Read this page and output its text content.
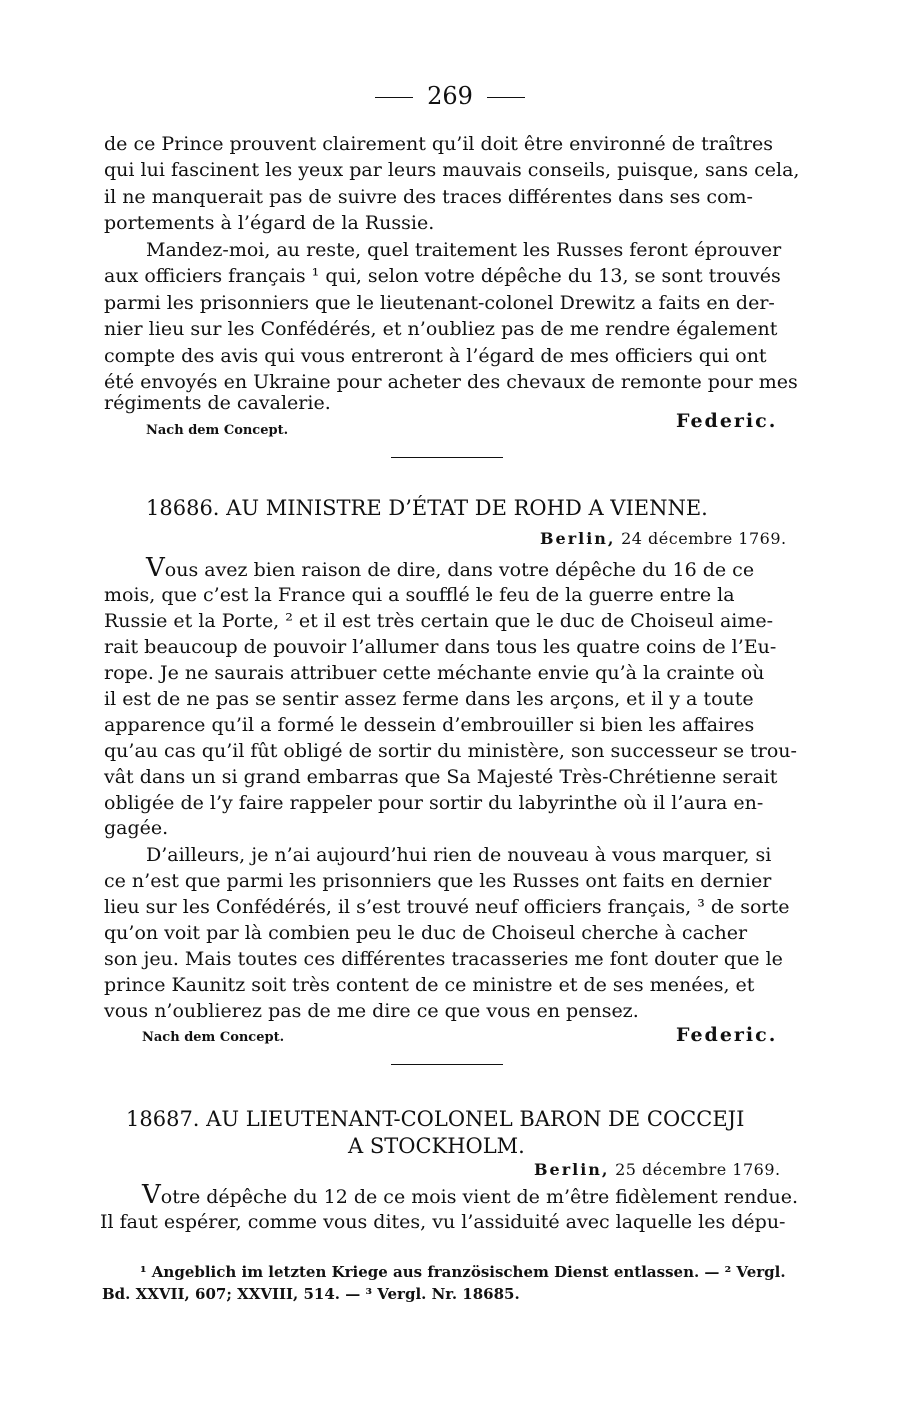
269
de ce Prince prouvent clairement qu’il doit être environné de traîtres
qui lui fascinent les yeux par leurs mauvais conseils, puisque, sans cela,
il ne manquerait pas de suivre des traces différentes dans ses com-
portements à l’égard de la Russie.
Mandez-moi, au reste, quel traitement les Russes feront éprouver
aux officiers français ¹ qui, selon votre dépêche du 13, se sont trouvés
parmi les prisonniers que le lieutenant-colonel Drewitz a faits en der-
nier lieu sur les Confédérés, et n’oubliez pas de me rendre également
compte des avis qui vous entreront à l’égard de mes officiers qui ont
été envoyés en Ukraine pour acheter des chevaux de remonte pour mes
régiments de cavalerie.
Federic.
Nach dem Concept.
18686. AU MINISTRE D’ÉTAT DE ROHD A VIENNE.
Berlin, 24 décembre 1769.
Vous avez bien raison de dire, dans votre dépêche du 16 de ce
mois, que c’est la France qui a soufflé le feu de la guerre entre la
Russie et la Porte, ² et il est très certain que le duc de Choiseul aime-
rait beaucoup de pouvoir l’allumer dans tous les quatre coins de l’Eu-
rope. Je ne saurais attribuer cette méchante envie qu’à la crainte où
il est de ne pas se sentir assez ferme dans les arçons, et il y a toute
apparence qu’il a formé le dessein d’embrouiller si bien les affaires
qu’au cas qu’il fût obligé de sortir du ministère, son successeur se trou-
vât dans un si grand embarras que Sa Majesté Très-Chrétienne serait
obligée de l’y faire rappeler pour sortir du labyrinthe où il l’aura en-
gagée.
D’ailleurs, je n’ai aujourd’hui rien de nouveau à vous marquer, si
ce n’est que parmi les prisonniers que les Russes ont faits en dernier
lieu sur les Confédérés, il s’est trouvé neuf officiers français, ³ de sorte
qu’on voit par là combien peu le duc de Choiseul cherche à cacher
son jeu. Mais toutes ces différentes tracasseries me font douter que le
prince Kaunitz soit très content de ce ministre et de ses menées, et
vous n’oublierez pas de me dire ce que vous en pensez.
Nach dem Concept.	Federic.
18687. AU LIEUTENANT-COLONEL BARON DE COCCEJI
A STOCKHOLM.
Berlin, 25 décembre 1769.
Votre dépêche du 12 de ce mois vient de m’être fidèlement rendue.
Il faut espérer, comme vous dites, vu l’assiduité avec laquelle les dépu-
¹ Angeblich im letzten Kriege aus französischem Dienst entlassen. — ² Vergl.
Bd. XXVII, 607; XXVIII, 514. — ³ Vergl. Nr. 18685.
